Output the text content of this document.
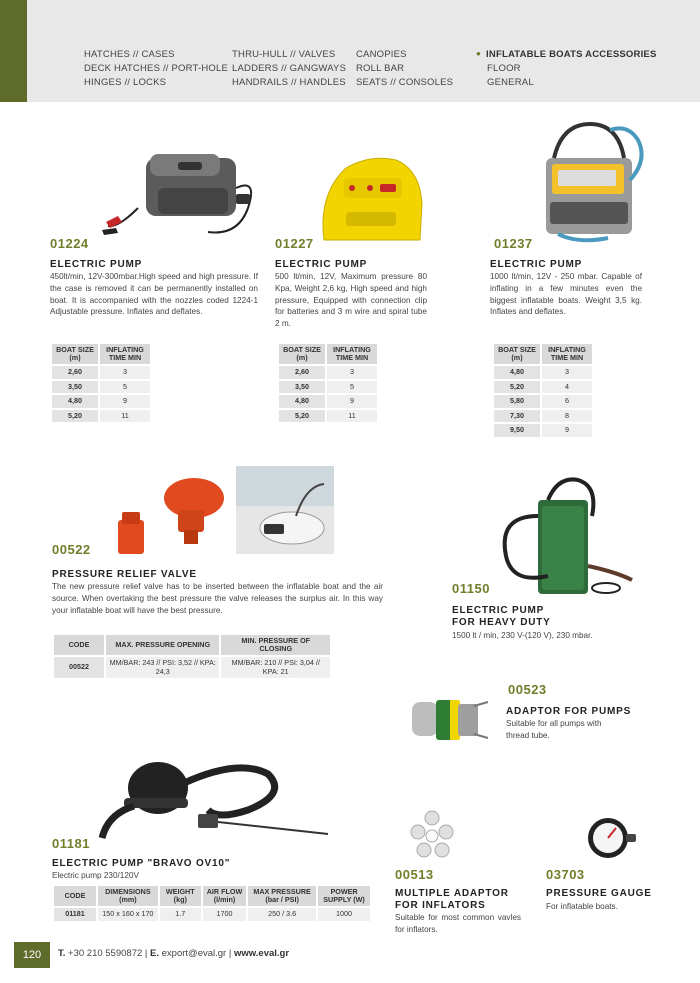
HATCHES // CASES
DECK HATCHES // PORT-HOLE
HINGES // LOCKS
THRU-HULL // VALVES
LADDERS // GANGWAYS
HANDRAILS // HANDLES
CANOPIES
ROLL BAR
SEATS // CONSOLES
● INFLATABLE BOATS ACCESSORIES
FLOOR
GENERAL
01224
ELECTRIC PUMP
450lt/min, 12V-300mbar.High speed and high pressure. If the case is removed it can be permanently installed on boat. It is accompanied with the nozzles coded 1224-1 Adjustable pressure. Inflates and deflates.
BOAT SIZE (m)	INFLATING TIME MIN
2,60	3
3,50	5
4,80	9
5,20	11
01227
ELECTRIC PUMP
500 lt/min, 12V, Maximum pressure 80 Kpa, Weight 2,6 kg, High speed and high pressure, Equipped with connection clip for batteries and 3 m wire and spiral tube 2 m.
BOAT SIZE (m)	INFLATING TIME MIN
2,60	3
3,50	5
4,80	9
5,20	11
01237
ELECTRIC PUMP
1000 lt/min, 12V - 250 mbar. Capable of inflating in a few minutes even the biggest inflatable boats. Weight 3,5 kg. Inflates and deflates.
BOAT SIZE (m)	INFLATING TIME MIN
4,80	3
5,20	4
5,80	6
7,30	8
9,50	9
00522
PRESSURE RELIEF VALVE
The new pressure relief valve has to be inserted between the inflatable boat and the air source. When overtaking the best pressure the valve releases the surplus air. In this way your inflatable boat will have the best pressure.
CODE	MAX. PRESSURE OPENING	MIN. PRESSURE OF CLOSING
00522	MM/BAR: 243 // PSI: 3,52 // KPA: 24,3	MM/BAR: 210 // PSI: 3,04 // KPA: 21
01150
ELECTRIC PUMP
FOR HEAVY DUTY
1500 lt / min, 230 V-(120 V), 230 mbar.
00523
ADAPTOR FOR PUMPS
Suitable for all pumps with thread tube.
01181
ELECTRIC PUMP "BRAVO OV10"
Electric pump 230/120V
CODE	DIMENSIONS (mm)	WEIGHT (kg)	AIR FLOW (l/min)	MAX PRESSURE (bar / PSI)	POWER SUPPLY (W)
01181	150 x 160 x 170	1.7	1700	250 / 3.6	1000
00513
MULTIPLE ADAPTOR
FOR INFLATORS
Suitable for most common vavles for inflators.
03703
PRESSURE GAUGE
For inflatable boats.
120	T. +30 210 5590872 | E. export@eval.gr | www.eval.gr
